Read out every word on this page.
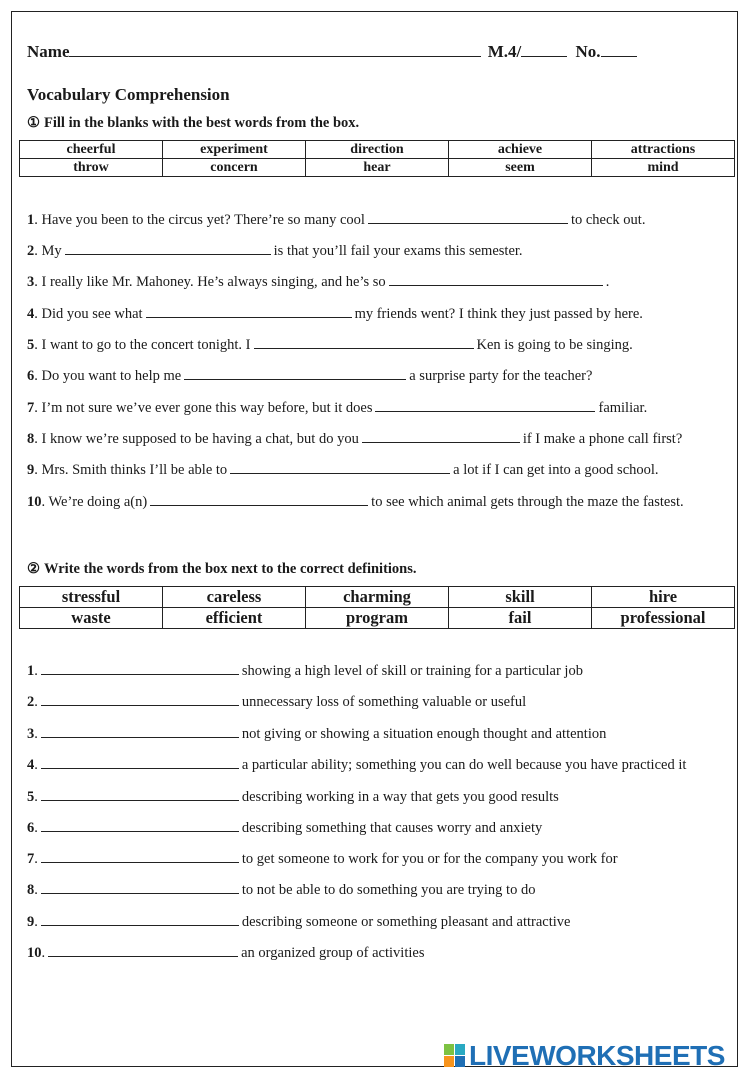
Name	M.4/	No.
Vocabulary Comprehension
① Fill in the blanks with the best words from the box.
cheerful	experiment	direction	achieve	attractions
throw	concern	hear	seem	mind
1. Have you been to the circus yet? There’re so many cool	to check out.
2. My	is that you’ll fail your exams this semester.
3. I really like Mr. Mahoney. He’s always singing, and he’s so	.
4. Did you see what	my friends went? I think they just passed by here.
5. I want to go to the concert tonight. I	Ken is going to be singing.
6. Do you want to help me	a surprise party for the teacher?
7. I’m not sure we’ve ever gone this way before, but it does	familiar.
8. I know we’re supposed to be having a chat, but do you	if I make a phone call first?
9. Mrs. Smith thinks I’ll be able to	a lot if I can get into a good school.
10. We’re doing a(n)	to see which animal gets through the maze the fastest.
② Write the words from the box next to the correct definitions.
stressful	careless	charming	skill	hire
waste	efficient	program	fail	professional
1.	showing a high level of skill or training for a particular job
2.	unnecessary loss of something valuable or useful
3.	not giving or showing a situation enough thought and attention
4.	a particular ability; something you can do well because you have practiced it
5.	describing working in a way that gets you good results
6.	describing something that causes worry and anxiety
7.	to get someone to work for you or for the company you work for
8.	to not be able to do something you are trying to do
9.	describing someone or something pleasant and attractive
10.	an organized group of activities
LIVEWORKSHEETS
